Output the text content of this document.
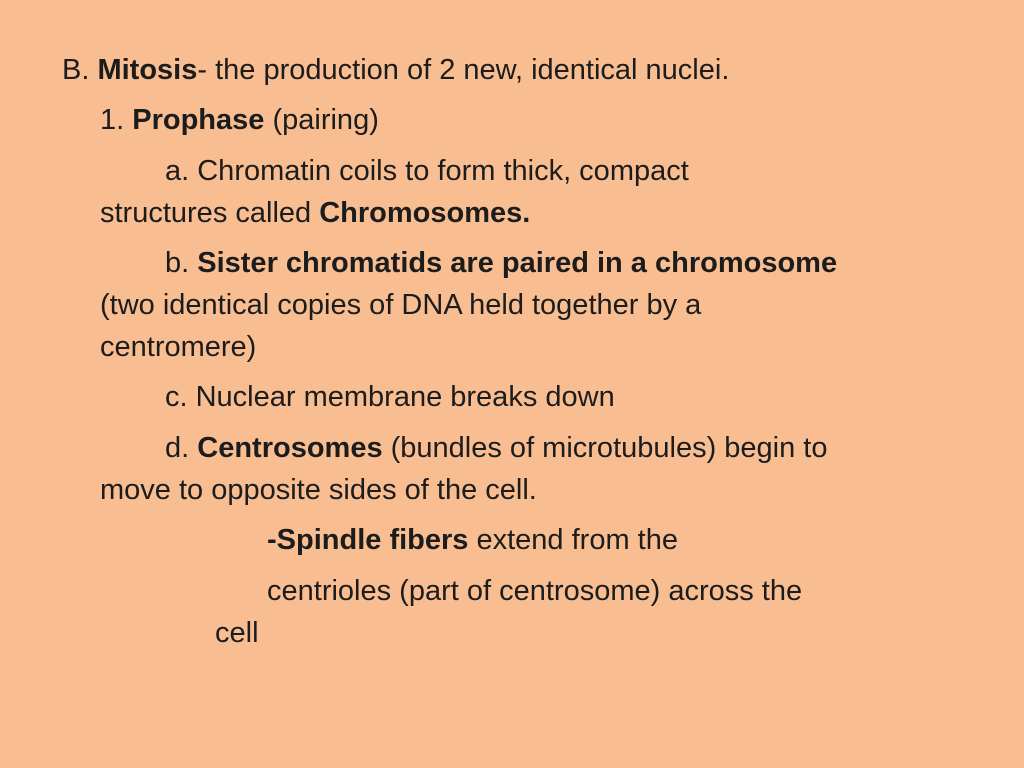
B. Mitosis- the production of 2 new, identical nuclei.
1. Prophase (pairing)
a. Chromatin coils to form thick, compact
structures called Chromosomes.
b. Sister chromatids are paired in a chromosome
(two identical copies of DNA held together by a
centromere)
c. Nuclear membrane breaks down
d. Centrosomes (bundles of microtubules) begin to
move to opposite sides of the cell.
-Spindle fibers extend from the
centrioles (part of centrosome) across the
cell
